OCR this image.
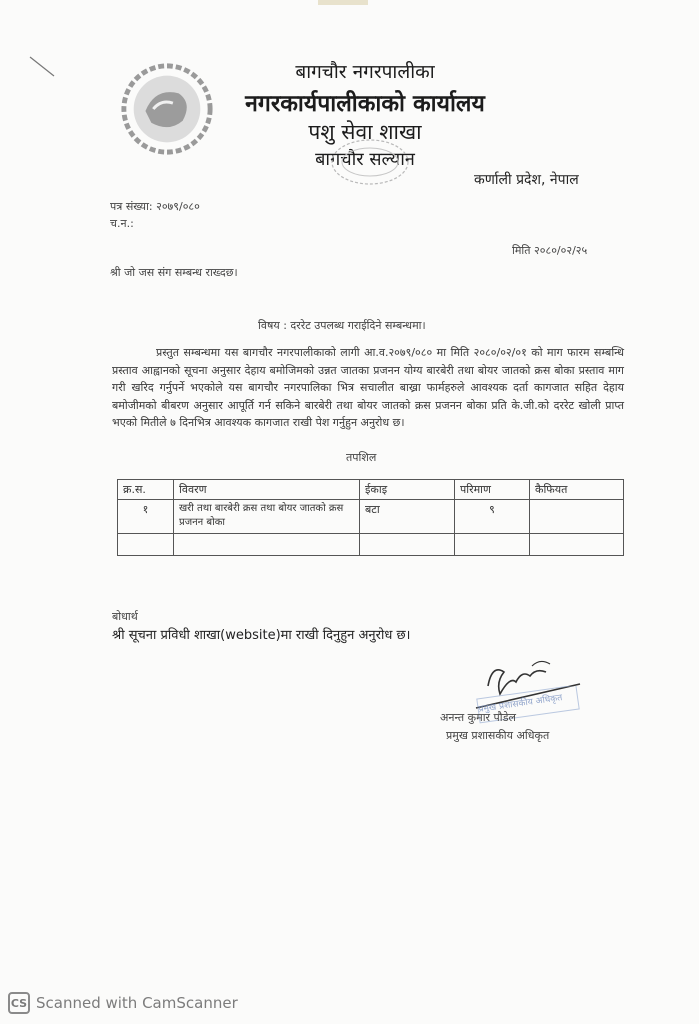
बागचौर नगरपालीका
नगरकार्यपालीकाको कार्यालय
पशु सेवा शाखा
बागचौर सल्यान
कर्णाली प्रदेश, नेपाल
पत्र संख्या: २०७९/०८०
च.न.:
मिति २०८०/०२/२५
श्री जो जस संग सम्बन्ध राख्दछ।
विषय : दररेट उपलब्ध गराईदिने सम्बन्धमा।
प्रस्तुत सम्बन्धमा यस बागचौर नगरपालीकाको लागी आ.व.२०७९/०८० मा मिति २०८०/०२/०१ को माग फारम सम्बन्धि प्रस्ताव आह्वानको सूचना अनुसार देहाय बमोजिमको उन्नत जातका प्रजनन योग्य बारबेरी तथा बोयर जातको क्रस बोका प्रस्ताव माग गरी खरिद गर्नुपर्ने भएकोले यस बागचौर नगरपालिका भित्र सचालीत बाख्रा फार्महरुले आवश्यक दर्ता कागजात सहित देहाय बमोजीमको बीबरण अनुसार आपूर्ति गर्न सकिने बारबेरी तथा बोयर जातको क्रस प्रजनन बोका प्रति के.जी.को दररेट खोली प्राप्त भएको मितीले ७ दिनभित्र आवश्यक कागजात राखी पेश गर्नुहुन अनुरोध छ।
तपशिल
क्र.स.	विवरण	ईकाइ	परिमाण	कैफियत
१	खरी तथा बारबेरी क्रस तथा बोयर जातको क्रस प्रजनन बोका	बटा	९	

बोधार्थ
श्री सूचना प्रविधी शाखा(website)मा राखी दिनुहुन अनुरोध छ।
प्रमुख प्रशासकीय अधिकृत
अनन्त कुमार पौडेल
प्रमुख प्रशासकीय अधिकृत
CS Scanned with CamScanner
